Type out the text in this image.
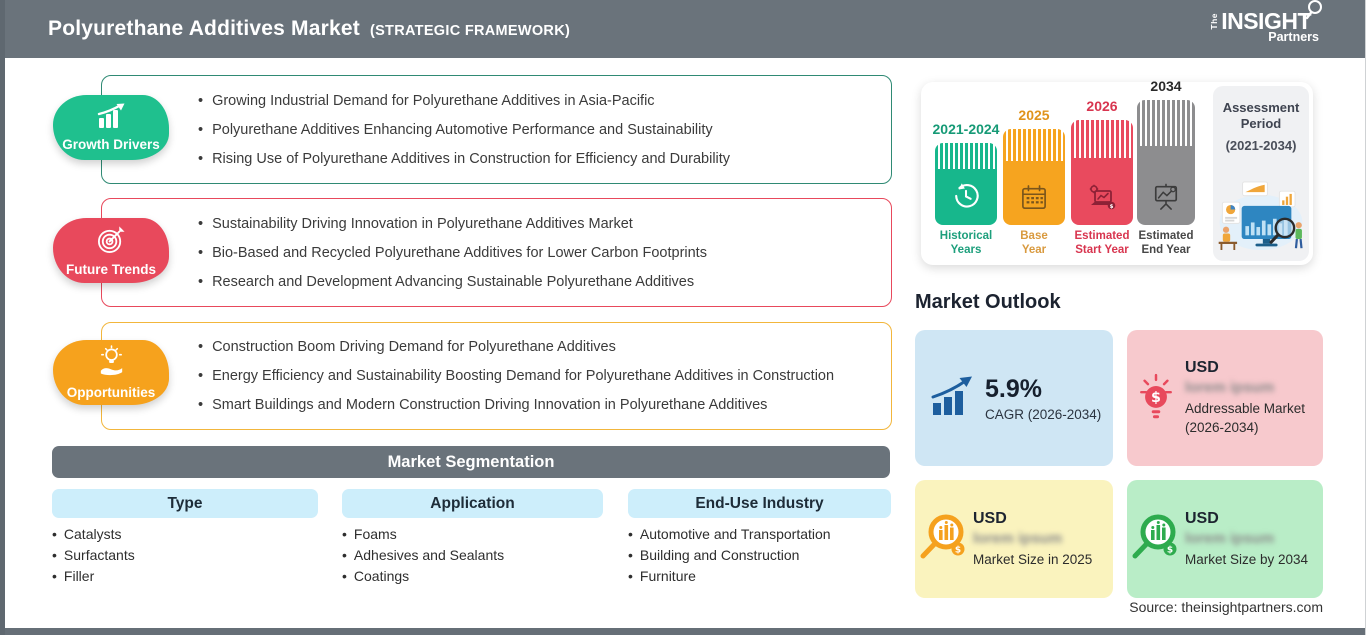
Polyurethane Additives Market (STRATEGIC FRAMEWORK)
The INSIGHT
Partners
• Growing Industrial Demand for Polyurethane Additives in Asia-Pacific
• Polyurethane Additives Enhancing Automotive Performance and Sustainability
• Rising Use of Polyurethane Additives in Construction for Efficiency and Durability
Growth Drivers
• Sustainability Driving Innovation in Polyurethane Additives Market
• Bio-Based and Recycled Polyurethane Additives for Lower Carbon Footprints
• Research and Development Advancing Sustainable Polyurethane Additives
Future Trends
• Construction Boom Driving Demand for Polyurethane Additives
• Energy Efficiency and Sustainability Boosting Demand for Polyurethane Additives in Construction
• Smart Buildings and Modern Construction Driving Innovation in Polyurethane Additives
Opportunities
Market Segmentation
Type	Application	End-Use Industry
• Catalysts
• Surfactants
• Filler
• Foams
• Adhesives and Sealants
• Coatings
• Automotive and Transportation
• Building and Construction
• Furniture
2021-2024
2025
2026
2034
$
Historical
Years
Base
Year
Estimated
Start Year
Estimated
End Year
Assessment
Period
(2021-2034)
Market Outlook
5.9%
CAGR (2026-2034)
$
USD
lorem ipsum
Addressable Market (2026-2034)
$
USD
lorem ipsum
Market Size in 2025
$
USD
lorem ipsum
Market Size by 2034
Source: theinsightpartners.com
